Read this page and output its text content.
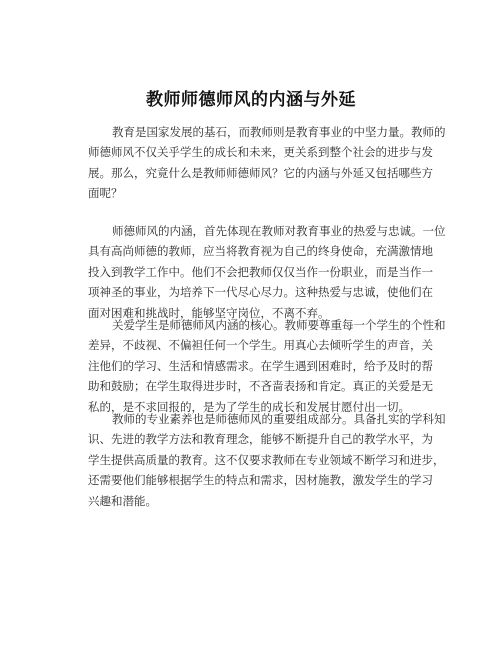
教师师德师风的内涵与外延
教育是国家发展的基石，而教师则是教育事业的中坚力量。教师的
师德师风不仅关乎学生的成长和未来，更关系到整个社会的进步与发
展。那么，究竟什么是教师师德师风？它的内涵与外延又包括哪些方
面呢？
师德师风的内涵，首先体现在教师对教育事业的热爱与忠诚。一位
具有高尚师德的教师，应当将教育视为自己的终身使命，充满激情地
投入到教学工作中。他们不会把教师仅仅当作一份职业，而是当作一
项神圣的事业，为培养下一代尽心尽力。这种热爱与忠诚，使他们在
面对困难和挑战时，能够坚守岗位，不离不弃。
关爱学生是师德师风内涵的核心。教师要尊重每一个学生的个性和
差异，不歧视、不偏袒任何一个学生。用真心去倾听学生的声音，关
注他们的学习、生活和情感需求。在学生遇到困难时，给予及时的帮
助和鼓励；在学生取得进步时，不吝啬表扬和肯定。真正的关爱是无
私的，是不求回报的，是为了学生的成长和发展甘愿付出一切。
教师的专业素养也是师德师风的重要组成部分。具备扎实的学科知
识、先进的教学方法和教育理念，能够不断提升自己的教学水平，为
学生提供高质量的教育。这不仅要求教师在专业领域不断学习和进步，
还需要他们能够根据学生的特点和需求，因材施教，激发学生的学习
兴趣和潜能。
